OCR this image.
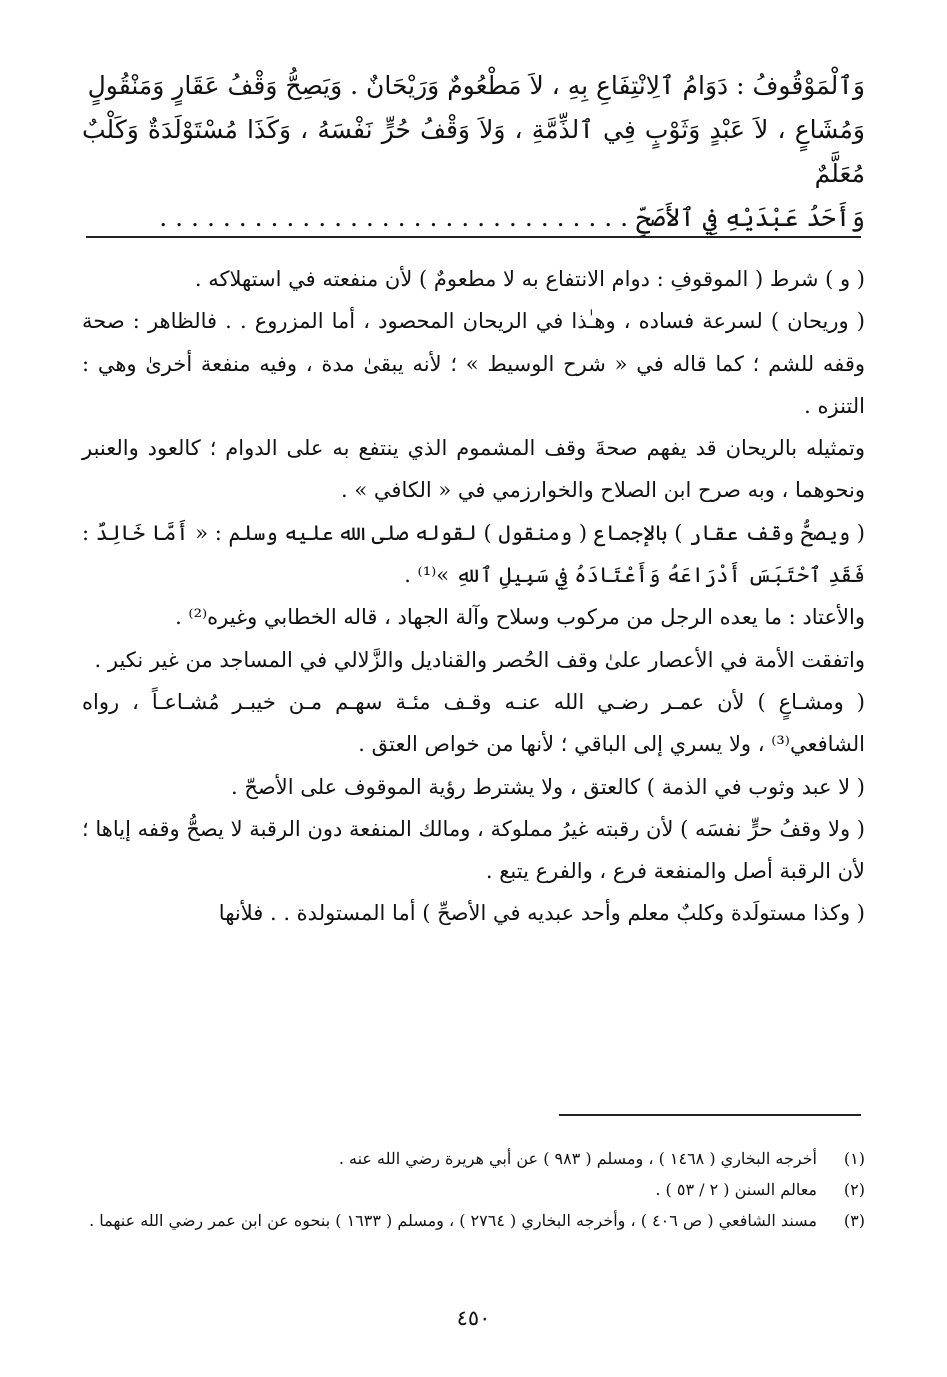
وَٱلْمَوْقُوفُ : دَوَامُ ٱلِانْتِفَاعِ بِهِ ، لاَ مَطْعُومٌ وَرَيْحَانٌ . وَيَصِحُّ وَقْفُ عَقَارٍ وَمَنْقُولٍ

وَمُشَاعٍ ، لاَ عَبْدٍ وَثَوْبٍ فِي ٱلذِّمَّةِ ، وَلاَ وَقْفُ حُرٍّ نَفْسَهُ ، وَكَذَا مُسْتَوْلَدَةٌ وَكَلْبٌ مُعَلَّمٌ

وَأَحَدُ عَبْدَيْهِ فِي ٱلأَصَحِّ . . . . . . . . . . . . . . . . . . . . . . . . . . . . . .

( و ) شرط ( الموقوفِ : دوام الانتفاع به لا مطعومٌ ) لأن منفعته في استهلاكه .

( وريحان ) لسرعة فساده ، وهـٰذا في الريحان المحصود ، أما المزروع . . فالظاهر : صحة وقفه للشم ؛ كما قاله في « شرح الوسيط » ؛ لأنه يبقىٰ مدة ، وفيه منفعة أخرىٰ وهي : التنزه .

وتمثيله بالريحان قد يفهم صحةَ وقف المشموم الذي ينتفع به على الدوام ؛ كالعود والعنبر ونحوهما ، وبه صرح ابن الصلاح والخوارزمي في « الكافي » .

( ويصحُّ وقف عقار ) بالإجماع ( ومنقول ) لقوله صلى الله عليه وسلم : « أَمَّا خَالِدٌ : فَقَدِ ٱحْتَبَسَ أَدْرَاعَهُ وَأَعْتَادَهُ فِي سَبِيلِ ٱللهِ »⁽¹⁾ .

والأعتاد : ما يعده الرجل من مركوب وسلاح وآلة الجهاد ، قاله الخطابي وغيره⁽²⁾ .

واتفقت الأمة في الأعصار علىٰ وقف الحُصر والقناديل والزَّلالي في المساجد من غير نكير .

( ومشـاعٍ ) لأن عمـر رضـي الله عنـه وقـف مئـة سهـم مـن خيبـر مُشـاعـاً ، رواه الشافعي⁽³⁾ ، ولا يسري إلى الباقي ؛ لأنها من خواص العتق .

( لا عبد وثوب في الذمة ) كالعتق ، ولا يشترط رؤية الموقوف على الأصحّ .

( ولا وقفُ حرٍّ نفسَه ) لأن رقبته غيرُ مملوكة ، ومالك المنفعة دون الرقبة لا يصحُّ وقفه إياها ؛ لأن الرقبة أصل والمنفعة فرع ، والفرع يتبع .

( وكذا مستولَدة وكلبٌ معلم وأحد عبديه في الأصحِّ ) أما المستولدة . . فلأنها

(١)
أخرجه البخاري ( ١٤٦٨ ) ، ومسلم ( ٩٨٣ ) عن أبي هريرة رضي الله عنه .
(٢)
معالم السنن ( ٢ / ٥٣ ) .
(٣)
مسند الشافعي ( ص ٤٠٦ ) ، وأخرجه البخاري ( ٢٧٦٤ ) ، ومسلم ( ١٦٣٣ ) بنحوه عن ابن عمر رضي الله عنهما .
٤٥٠
